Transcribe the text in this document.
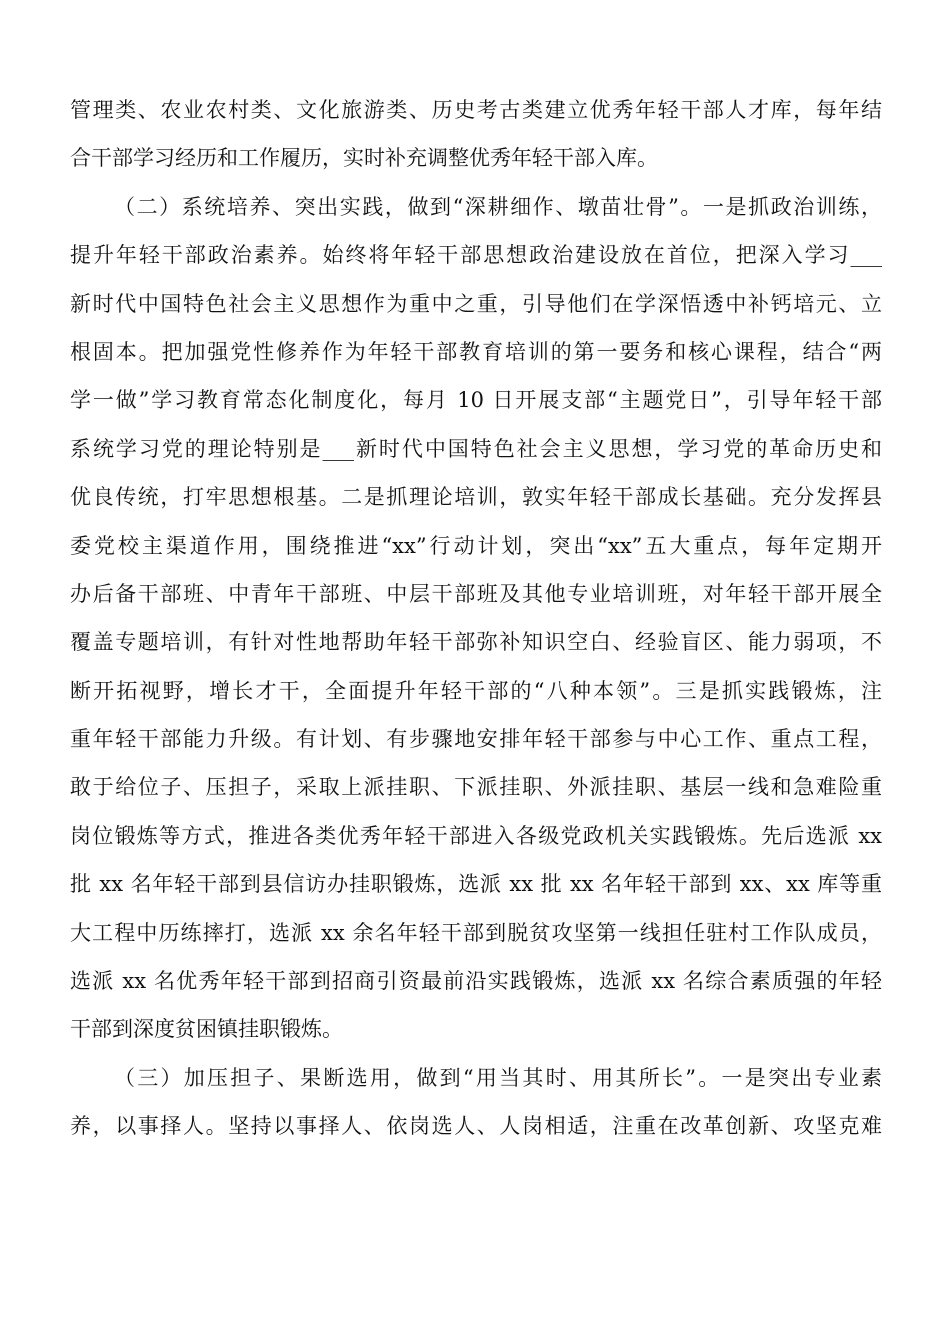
管理类、农业农村类、文化旅游类、历史考古类建立优秀年轻干部人才库，每年结
合干部学习经历和工作履历，实时补充调整优秀年轻干部入库。
（二）系统培养、突出实践，做到“深耕细作、墩苗壮骨”。一是抓政治训练，
提升年轻干部政治素养。始终将年轻干部思想政治建设放在首位，把深入学习___
新时代中国特色社会主义思想作为重中之重，引导他们在学深悟透中补钙培元、立
根固本。把加强党性修养作为年轻干部教育培训的第一要务和核心课程，结合“两
学一做”学习教育常态化制度化，每月 10 日开展支部“主题党日”，引导年轻干部
系统学习党的理论特别是___新时代中国特色社会主义思想，学习党的革命历史和
优良传统，打牢思想根基。二是抓理论培训，敦实年轻干部成长基础。充分发挥县
委党校主渠道作用，围绕推进“xx”行动计划，突出“xx”五大重点，每年定期开
办后备干部班、中青年干部班、中层干部班及其他专业培训班，对年轻干部开展全
覆盖专题培训，有针对性地帮助年轻干部弥补知识空白、经验盲区、能力弱项，不
断开拓视野，增长才干，全面提升年轻干部的“八种本领”。三是抓实践锻炼，注
重年轻干部能力升级。有计划、有步骤地安排年轻干部参与中心工作、重点工程，
敢于给位子、压担子，采取上派挂职、下派挂职、外派挂职、基层一线和急难险重
岗位锻炼等方式，推进各类优秀年轻干部进入各级党政机关实践锻炼。先后选派 xx
批 xx 名年轻干部到县信访办挂职锻炼，选派 xx 批 xx 名年轻干部到 xx、xx 库等重
大工程中历练摔打，选派 xx 余名年轻干部到脱贫攻坚第一线担任驻村工作队成员，
选派 xx 名优秀年轻干部到招商引资最前沿实践锻炼，选派 xx 名综合素质强的年轻
干部到深度贫困镇挂职锻炼。
（三）加压担子、果断选用，做到“用当其时、用其所长”。一是突出专业素
养，以事择人。坚持以事择人、依岗选人、人岗相适，注重在改革创新、攻坚克难
